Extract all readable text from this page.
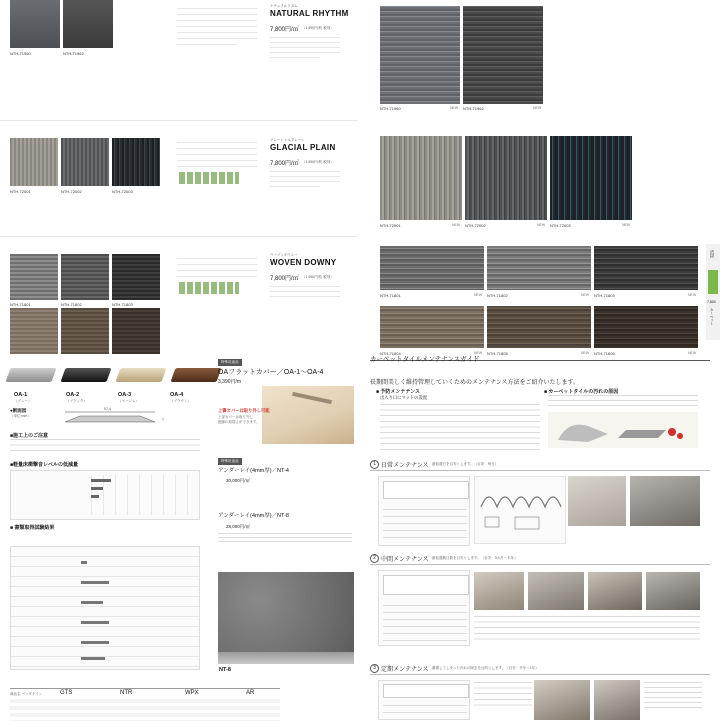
NTH-71960	NTH-71962
ナチュラルリズム
NATURAL RHYTHM
7,800円/㎡ （1,950円/枚 税別）
NTH-72001	NTH-72002	NTH-72003
グレーシャルプレーン
GLACIAL PLAIN
7,800円/㎡ （1,950円/枚 税別）
NTH-71801	NTH-71802	NTH-71803
ウーブンダウニー
WOVEN DOWNY
7,800円/㎡ （1,950円/枚 税別）
OA-1
（グレー）
OA-2
（ブラック）
OA-3
（ベージュ）
OA-4
（ブラウン）
●断面図
（単位:mm）
57.4
1
特殊用途品
OAフラットカバー／OA-1〜OA-4
3,390円/m
上書カバーは取り外し可能
上部カバーは取り外し
配線の取替えができます。
■施工上のご注意
■軽量床衝撃音レベルの低減量
■ 書類取得試験結果
特殊用途品
アンダーレイ(4mm厚)／NT-4
30,000円/㎡
アンダーレイ(4mm厚)／NT-8
28,000円/㎡
NT-8
商品名 パンダゲイン	GTS	NTR	WPX	AR
NTH-71960	NTH-71962
NEW	NEW
NTH-72001	NTH-72002	NTH-72003
NEW	NEW	NEW
NTH-71801	NTH-71802	NTH-71803
NEW	NEW	NEW
NTH-71804	NTH-71805	NTH-71806
NEW	NEW	NEW
清掃
7,800
カーペット
カーペットタイルメンテナンスガイド
長期間美しく維持管理していくためのメンテナンス方法をご紹介いたします。
■ 予防メンテナンス
出入り口にマットの設置
■ カーペットタイルの汚れの原因
1 日常メンテナンス 最低週日を目安とします。（目安：毎日）
2 中間メンテナンス 最低週数日数を目安とします。（目安：3カ月〜半年）
3 定期メンテナンス 蓄積してしまった汚れの除去を目的とします。（目安：半年〜1年）
